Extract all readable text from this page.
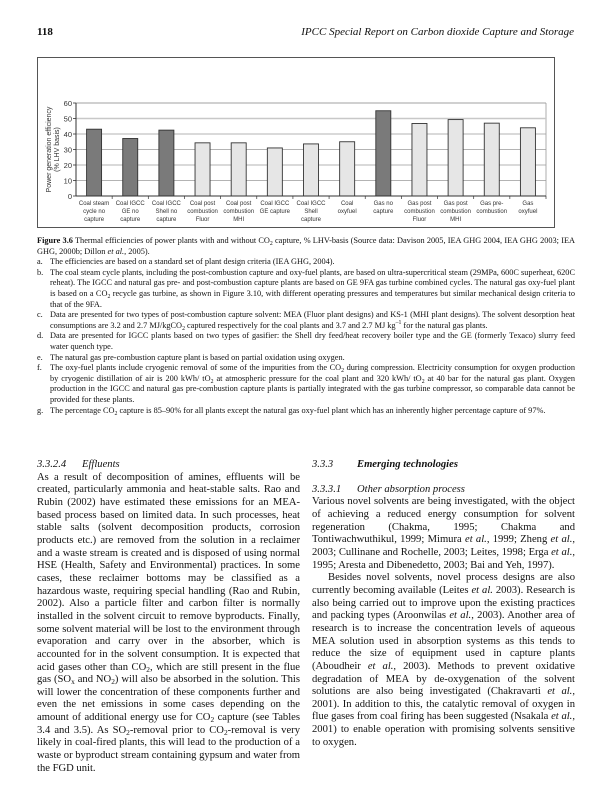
118	IPCC Special Report on Carbon dioxide Capture and Storage
0
10
20
30
40
50
60
Coal steam
cycle no
capture
Coal IGCC
GE no
capture
Coal IGCC
Shell no
capture
Coal post
combustion
Fluor
Coal post
combustion
MHI
Coal IGCC
GE capture
Coal IGCC
Shell
capture
Coal
oxyfuel
Gas no
capture
Gas post
combustion
Fluor
Gas post
combustion
MHI
Gas pre-
combustion
Gas
oxyfuel
Power generation efficiency(% LHV basis)
Figure 3.6 Thermal efficiencies of power plants with and without $CO_2$ capture, % LHV-basis (Source data: Davison 2005, IEA GHG 2004, IEA GHG 2003; IEA GHG, 2000b; Dillon et al., 2005).
a. The efficiencies are based on a standard set of plant design criteria (IEA GHG, 2004).
b. The coal steam cycle plants, including the post-combustion capture and oxy-fuel plants, are based on ultra-supercritical steam (29MPa, 600C superheat, 620C reheat). The IGCC and natural gas pre- and post-combustion capture plants are based on GE 9FA gas turbine combined cycles. The natural gas oxy-fuel plant is based on a $CO_2$ recycle gas turbine, as shown in Figure 3.10, with different operating pressures and temperatures but similar mechanical design criteria to that of the 9FA.
c. Data are presented for two types of post-combustion capture solvent: MEA (Fluor plant designs) and KS-1 (MHI plant designs). The solvent desorption heat consumptions are 3.2 and 2.7 MJ/kgCO$_2$ captured respectively for the coal plants and 3.7 and 2.7 MJ $kg^{-1}$ for the natural gas plants.
d. Data are presented for IGCC plants based on two types of gasifier: the Shell dry feed/heat recovery boiler type and the GE (formerly Texaco) slurry feed water quench type.
e. The natural gas pre-combustion capture plant is based on partial oxidation using oxygen.
f. The oxy-fuel plants include cryogenic removal of some of the impurities from the $CO_2$ during compression. Electricity consumption for oxygen production by cryogenic distillation of air is 200 kWh/ $tO_2$ at atmospheric pressure for the coal plant and 320 kWh/ $tO_2$ at 40 bar for the natural gas plant. Oxygen production in the IGCC and natural gas pre-combustion capture plants is partially integrated with the gas turbine compressor, so comparable data cannot be provided for these plants.
g. The percentage $CO_2$ capture is 85–90% for all plants except the natural gas oxy-fuel plant which has an inherently higher percentage capture of 97%.
3.3.2.4 Effluents

As a result of decomposition of amines, effluents will be created, particularly ammonia and heat-stable salts. Rao and Rubin (2002) have estimated these emissions for an MEA-based process based on limited data. In such processes, heat stable salts (solvent decomposition products, corrosion products etc.) are removed from the solution in a reclaimer and a waste stream is created and is disposed of using normal HSE (Health, Safety and Environmental) practices. In some cases, these reclaimer bottoms may be classified as a hazardous waste, requiring special handling (Rao and Rubin, 2002). Also a particle filter and carbon filter is normally installed in the solvent circuit to remove byproducts. Finally, some solvent material will be lost to the environment through evaporation and carry over in the absorber, which is accounted for in the solvent consumption. It is expected that acid gases other than $CO_2$, which are still present in the flue gas ($SO_x$ and $NO_2$) will also be absorbed in the solution. This will lower the concentration of these components further and even the net emissions in some cases depending on the amount of additional energy use for $CO_2$ capture (see Tables 3.4 and 3.5). As $SO_2$-removal prior to $CO_2$-removal is very likely in coal-fired plants, this will lead to the production of a waste or byproduct stream containing gypsum and water from the FGD unit.

3.3.3 Emerging technologies
3.3.3.1 Other absorption process

Various novel solvents are being investigated, with the object of achieving a reduced energy consumption for solvent regeneration (Chakma, 1995; Chakma and Tontiwachwuthikul, 1999; Mimura et al., 1999; Zheng et al., 2003; Cullinane and Rochelle, 2003; Leites, 1998; Erga et al., 1995; Aresta and Dibenedetto, 2003; Bai and Yeh, 1997).

Besides novel solvents, novel process designs are also currently becoming available (Leites et al. 2003). Research is also being carried out to improve upon the existing practices and packing types (Aroonwilas et al., 2003). Another area of research is to increase the concentration levels of aqueous MEA solution used in absorption systems as this tends to reduce the size of equipment used in capture plants (Aboudheir et al., 2003). Methods to prevent oxidative degradation of MEA by de-oxygenation of the solvent solutions are also being investigated (Chakravarti et al., 2001). In addition to this, the catalytic removal of oxygen in flue gases from coal firing has been suggested (Nsakala et al., 2001) to enable operation with promising solvents sensitive to oxygen.
